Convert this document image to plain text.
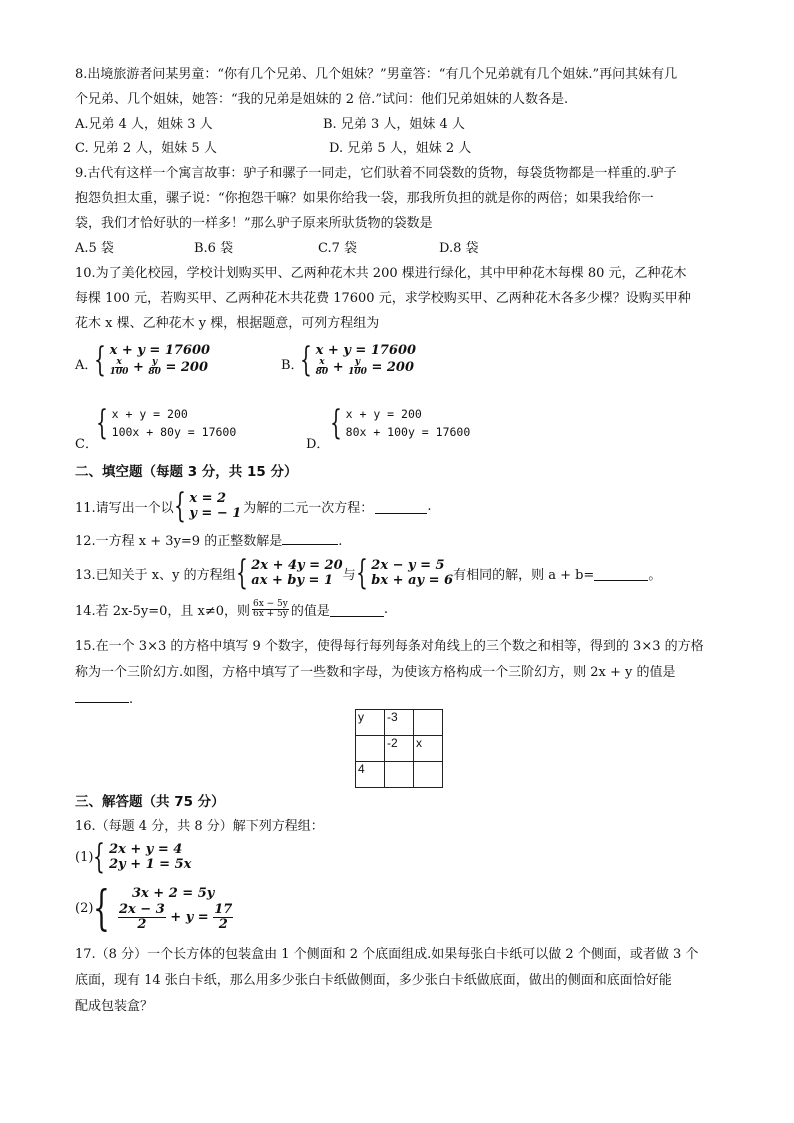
8.出境旅游者问某男童：“你有几个兄弟、几个姐妹？”男童答：“有几个兄弟就有几个姐妹.”再问其妹有几
个兄弟、几个姐妹，她答：“我的兄弟是姐妹的 2 倍.”试问：他们兄弟姐妹的人数各是.
A.兄弟 4 人，姐妹 3 人	B. 兄弟 3 人，姐妹 4 人
C. 兄弟 2 人，姐妹 5 人	D. 兄弟 5 人，姐妹 2 人
9.古代有这样一个寓言故事：驴子和骡子一同走，它们驮着不同袋数的货物，每袋货物都是一样重的.驴子
抱怨负担太重，骡子说：“你抱怨干嘛？如果你给我一袋，那我所负担的就是你的两倍；如果我给你一
袋，我们才恰好驮的一样多！”那么驴子原来所驮货物的袋数是
A.5 袋	B.6 袋	C.7 袋	D.8 袋
10.为了美化校园，学校计划购买甲、乙两种花木共 200 棵进行绿化，其中甲种花木每棵 80 元，乙种花木
每棵 100 元，若购买甲、乙两种花木共花费 17600 元，求学校购买甲、乙两种花木各多少棵？设购买甲种
花木 x 棵、乙种花木 y 棵，根据题意，可列方程组为
A．
{ x + y = 17600
$\frac{x}{100} + \frac{y}{80} = 200$	B．
{ x + y = 17600
$\frac{x}{80} + \frac{y}{100} = 200$
C．
{ x + y = 200
100x + 80y = 17600
D．
{ x + y = 200
80x + 100y = 17600
二、填空题（每题 3 分，共 15 分）
11.请写出一个以 { x = 2
y = − 1 为解的二元一次方程：	.
12.一方程 x + 3y=9 的正整数解是	.
13.已知关于 x、y 的方程组 { 2x + 4y = 20
ax + by = 1 与 { 2x − y = 5
bx + ay = 6 有相同的解，则 a + b=	。
14.若 2x-5y=0，且 x≠0，则 $\frac{6x - 5y}{6x + 5y}$ 的值是	.
15.在一个 3×3 的方格中填写 9 个数字，使得每行每列每条对角线上的三个数之和相等，得到的 3×3 的方格
称为一个三阶幻方.如图，方格中填写了一些数和字母，为使该方格构成一个三阶幻方，则 2x + y 的值是
.
y	-3	
	-2	x
4		
三、解答题（共 75 分）
16.（每题 4 分，共 8 分）解下列方程组：
(1) { 2x + y = 4
2y + 1 = 5x
(2) {	3x + 2 = 5y
$\frac{2x - 3}{2} + y = \frac{17}{2}$
17.（8 分）一个长方体的包装盒由 1 个侧面和 2 个底面组成.如果每张白卡纸可以做 2 个侧面，或者做 3 个
底面，现有 14 张白卡纸，那么用多少张白卡纸做侧面，多少张白卡纸做底面，做出的侧面和底面恰好能
配成包装盒？
